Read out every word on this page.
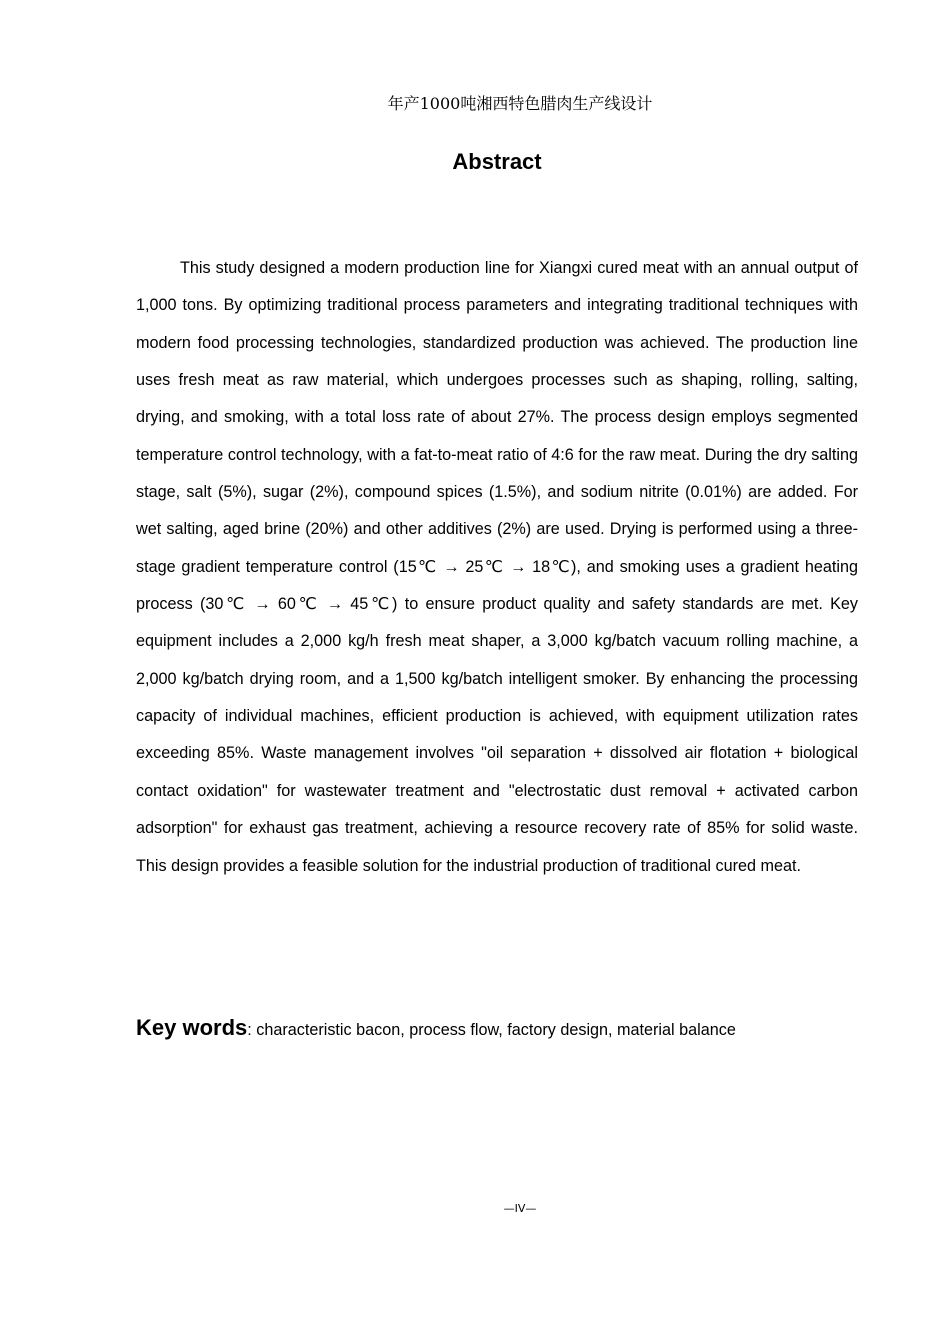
年产1000吨湘西特色腊肉生产线设计
Abstract

This study designed a modern production line for Xiangxi cured meat with an annual output of 1,000 tons. By optimizing traditional process parameters and integrating traditional techniques with modern food processing technologies, standardized production was achieved. The production line uses fresh meat as raw material, which undergoes processes such as shaping, rolling, salting, drying, and smoking, with a total loss rate of about 27%. The process design employs segmented temperature control technology, with a fat-to-meat ratio of 4:6 for the raw meat. During the dry salting stage, salt (5%), sugar (2%), compound spices (1.5%), and sodium nitrite (0.01%) are added. For wet salting, aged brine (20%) and other additives (2%) are used. Drying is performed using a three-stage gradient temperature control (15℃ → 25℃ → 18℃), and smoking uses a gradient heating process (30℃ → 60℃ → 45℃) to ensure product quality and safety standards are met. Key equipment includes a 2,000 kg/h fresh meat shaper, a 3,000 kg/batch vacuum rolling machine, a 2,000 kg/batch drying room, and a 1,500 kg/batch intelligent smoker. By enhancing the processing capacity of individual machines, efficient production is achieved, with equipment utilization rates exceeding 85%. Waste management involves "oil separation + dissolved air flotation + biological contact oxidation" for wastewater treatment and "electrostatic dust removal + activated carbon adsorption" for exhaust gas treatment, achieving a resource recovery rate of 85% for solid waste. This design provides a feasible solution for the industrial production of traditional cured meat.

Key words: characteristic bacon, process flow, factory design, material balance
—IV—
